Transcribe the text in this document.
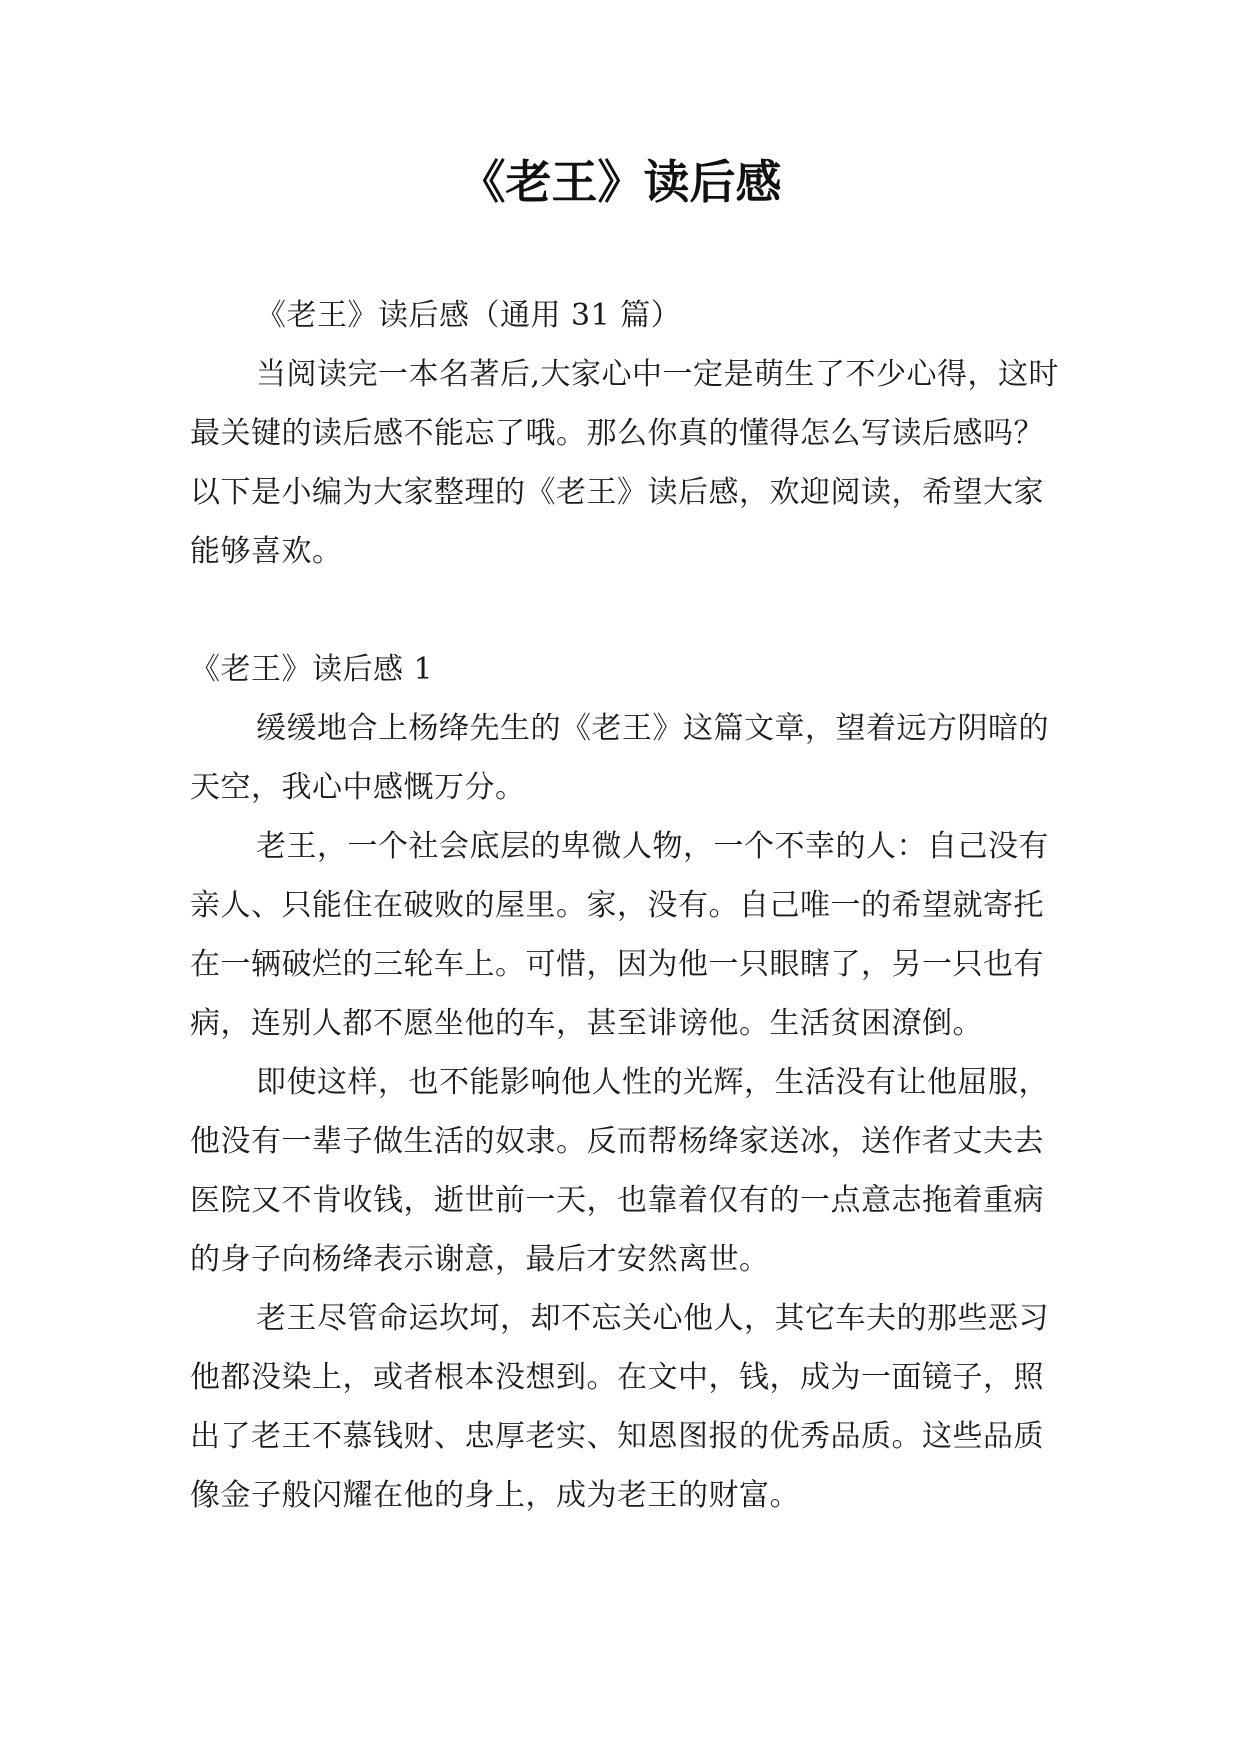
《老王》读后感

《老王》读后感（通用 31 篇）

当阅读完一本名著后,大家心中一定是萌生了不少心得，这时最关键的读后感不能忘了哦。那么你真的懂得怎么写读后感吗？以下是小编为大家整理的《老王》读后感，欢迎阅读，希望大家能够喜欢。

《老王》读后感 1

缓缓地合上杨绛先生的《老王》这篇文章，望着远方阴暗的天空，我心中感慨万分。

老王，一个社会底层的卑微人物，一个不幸的人：自己没有亲人、只能住在破败的屋里。家，没有。自己唯一的希望就寄托在一辆破烂的三轮车上。可惜，因为他一只眼瞎了，另一只也有病，连别人都不愿坐他的车，甚至诽谤他。生活贫困潦倒。

即使这样，也不能影响他人性的光辉，生活没有让他屈服，他没有一辈子做生活的奴隶。反而帮杨绛家送冰，送作者丈夫去医院又不肯收钱，逝世前一天，也靠着仅有的一点意志拖着重病的身子向杨绛表示谢意，最后才安然离世。

老王尽管命运坎坷，却不忘关心他人，其它车夫的那些恶习他都没染上，或者根本没想到。在文中，钱，成为一面镜子，照出了老王不慕钱财、忠厚老实、知恩图报的优秀品质。这些品质像金子般闪耀在他的身上，成为老王的财富。
